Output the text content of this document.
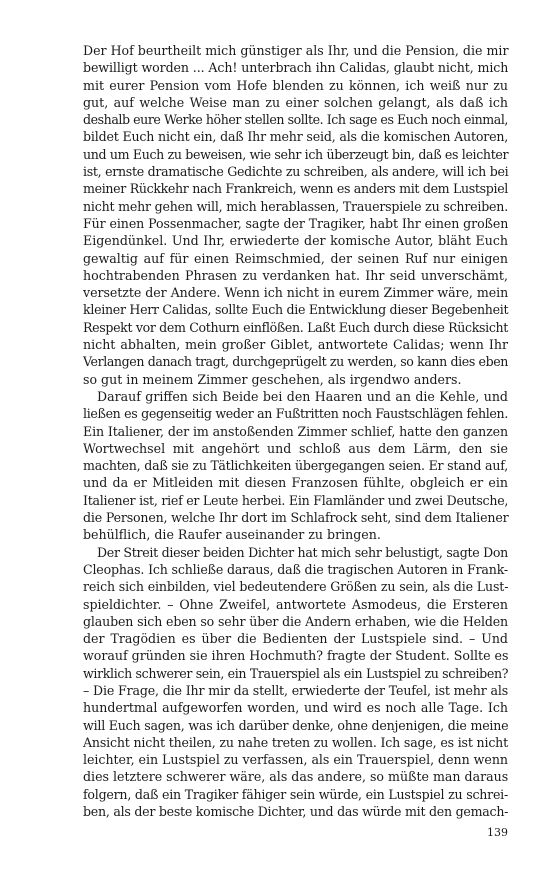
Der Hof beurtheilt mich günstiger als Ihr, und die Pension, die mir
bewilligt worden ... Ach! unterbrach ihn Calidas, glaubt nicht, mich
mit eurer Pension vom Hofe blenden zu können, ich weiß nur zu
gut, auf welche Weise man zu einer solchen gelangt, als daß ich
deshalb eure Werke höher stellen sollte. Ich sage es Euch noch einmal,
bildet Euch nicht ein, daß Ihr mehr seid, als die komischen Autoren,
und um Euch zu beweisen, wie sehr ich überzeugt bin, daß es leichter
ist, ernste dramatische Gedichte zu schreiben, als andere, will ich bei
meiner Rückkehr nach Frankreich, wenn es anders mit dem Lustspiel
nicht mehr gehen will, mich herablassen, Trauerspiele zu schreiben.
Für einen Possenmacher, sagte der Tragiker, habt Ihr einen großen
Eigendünkel. Und Ihr, erwiederte der komische Autor, bläht Euch
gewaltig auf für einen Reimschmied, der seinen Ruf nur einigen
hochtrabenden Phrasen zu verdanken hat. Ihr seid unverschämt,
versetzte der Andere. Wenn ich nicht in eurem Zimmer wäre, mein
kleiner Herr Calidas, sollte Euch die Entwicklung dieser Begebenheit
Respekt vor dem Cothurn einflößen. Laßt Euch durch diese Rücksicht
nicht abhalten, mein großer Giblet, antwortete Calidas; wenn Ihr
Verlangen danach tragt, durchgeprügelt zu werden, so kann dies eben
so gut in meinem Zimmer geschehen, als irgendwo anders.
Darauf griffen sich Beide bei den Haaren und an die Kehle, und
ließen es gegenseitig weder an Fußtritten noch Faustschlägen fehlen.
Ein Italiener, der im anstoßenden Zimmer schlief, hatte den ganzen
Wortwechsel mit angehört und schloß aus dem Lärm, den sie
machten, daß sie zu Tätlichkeiten übergegangen seien. Er stand auf,
und da er Mitleiden mit diesen Franzosen fühlte, obgleich er ein
Italiener ist, rief er Leute herbei. Ein Flamländer und zwei Deutsche,
die Personen, welche Ihr dort im Schlafrock seht, sind dem Italiener
behülflich, die Raufer auseinander zu bringen.
Der Streit dieser beiden Dichter hat mich sehr belustigt, sagte Don
Cleophas. Ich schließe daraus, daß die tragischen Autoren in Frank-
reich sich einbilden, viel bedeutendere Größen zu sein, als die Lust-
spieldichter. – Ohne Zweifel, antwortete Asmodeus, die Ersteren
glauben sich eben so sehr über die Andern erhaben, wie die Helden
der Tragödien es über die Bedienten der Lustspiele sind. – Und
worauf gründen sie ihren Hochmuth? fragte der Student. Sollte es
wirklich schwerer sein, ein Trauerspiel als ein Lustspiel zu schreiben?
– Die Frage, die Ihr mir da stellt, erwiederte der Teufel, ist mehr als
hundertmal aufgeworfen worden, und wird es noch alle Tage. Ich
will Euch sagen, was ich darüber denke, ohne denjenigen, die meine
Ansicht nicht theilen, zu nahe treten zu wollen. Ich sage, es ist nicht
leichter, ein Lustspiel zu verfassen, als ein Trauerspiel, denn wenn
dies letztere schwerer wäre, als das andere, so müßte man daraus
folgern, daß ein Tragiker fähiger sein würde, ein Lustspiel zu schrei-
ben, als der beste komische Dichter, und das würde mit den gemach-
139
